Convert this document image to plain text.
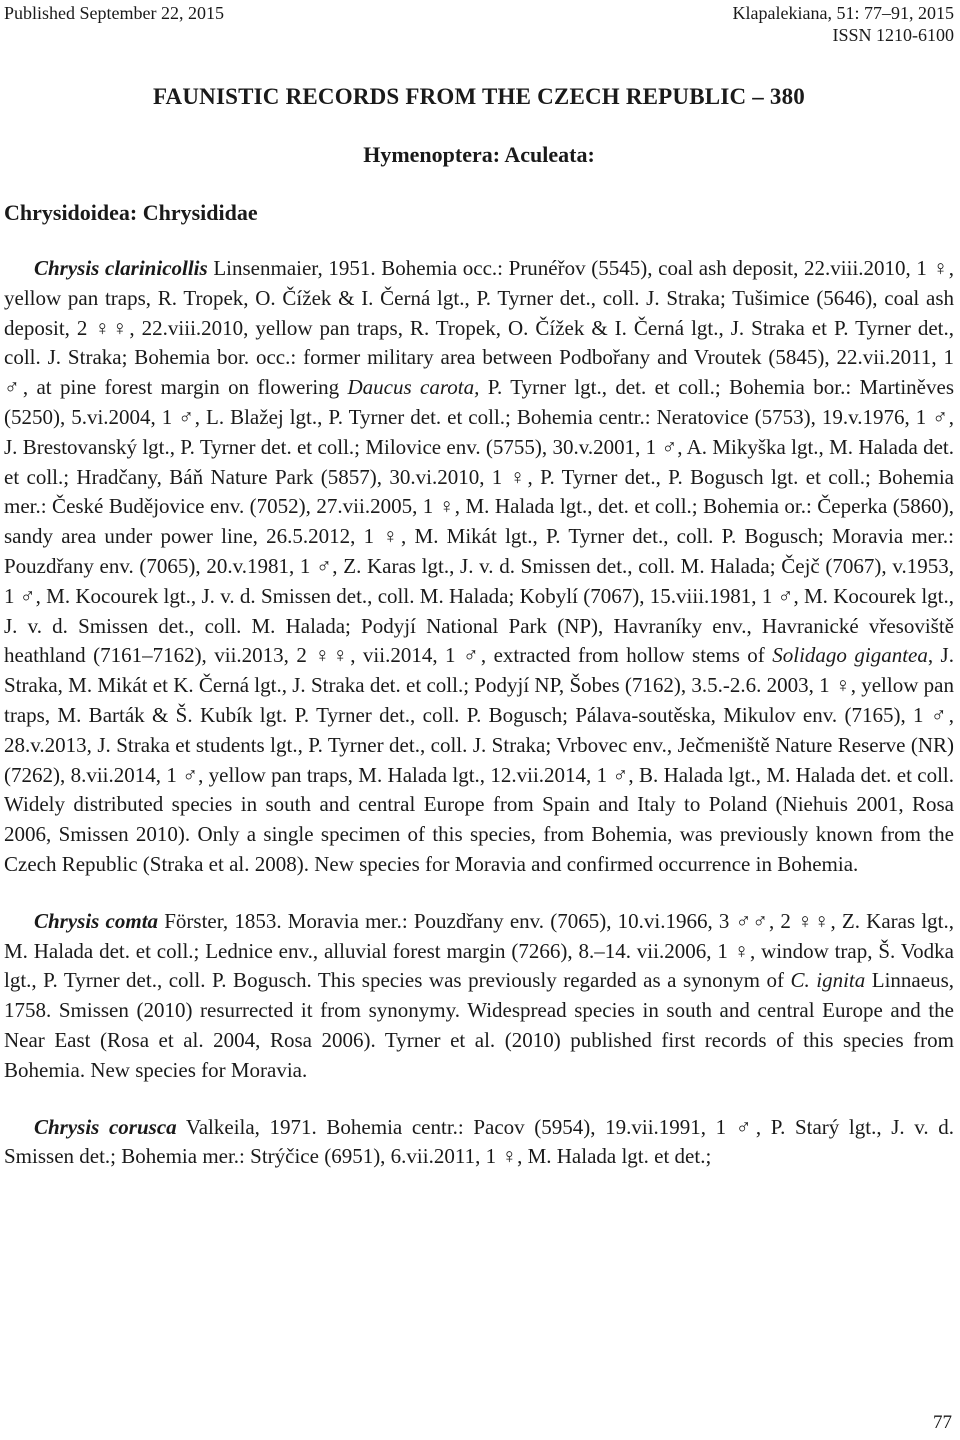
Published September 22, 2015	Klapalekiana, 51: 77–91, 2015
ISSN 1210-6100
FAUNISTIC RECORDS FROM THE CZECH REPUBLIC – 380
Hymenoptera: Aculeata:
Chrysidoidea: Chrysididae

Chrysis clarinicollis Linsenmaier, 1951. Bohemia occ.: Prunéřov (5545), coal ash deposit, 22.viii.2010, 1 ♀, yellow pan traps, R. Tropek, O. Čížek & I. Černá lgt., P. Tyrner det., coll. J. Straka; Tušimice (5646), coal ash deposit, 2 ♀♀, 22.viii.2010, yellow pan traps, R. Tropek, O. Čížek & I. Černá lgt., J. Straka et P. Tyrner det., coll. J. Straka; Bohemia bor. occ.: former military area between Podbořany and Vroutek (5845), 22.vii.2011, 1 ♂, at pine forest margin on flowering Daucus carota, P. Tyrner lgt., det. et coll.; Bohemia bor.: Martiněves (5250), 5.vi.2004, 1 ♂, L. Blažej lgt., P. Tyrner det. et coll.; Bohemia centr.: Neratovice (5753), 19.v.1976, 1 ♂, J. Brestovanský lgt., P. Tyrner det. et coll.; Milovice env. (5755), 30.v.2001, 1 ♂, A. Mikyška lgt., M. Halada det. et coll.; Hradčany, Báň Nature Park (5857), 30.vi.2010, 1 ♀, P. Tyrner det., P. Bogusch lgt. et coll.; Bohemia mer.: České Budějovice env. (7052), 27.vii.2005, 1 ♀, M. Halada lgt., det. et coll.; Bohemia or.: Čeperka (5860), sandy area under power line, 26.5.2012, 1 ♀, M. Mikát lgt., P. Tyrner det., coll. P. Bogusch; Moravia mer.: Pouzdřany env. (7065), 20.v.1981, 1 ♂, Z. Karas lgt., J. v. d. Smissen det., coll. M. Halada; Čejč (7067), v.1953, 1 ♂, M. Kocourek lgt., J. v. d. Smissen det., coll. M. Halada; Kobylí (7067), 15.viii.1981, 1 ♂, M. Kocourek lgt., J. v. d. Smissen det., coll. M. Halada; Podyjí National Park (NP), Havraníky env., Havranické vřesoviště heathland (7161–7162), vii.2013, 2 ♀♀, vii.2014, 1 ♂, extracted from hollow stems of Solidago gigantea, J. Straka, M. Mikát et K. Černá lgt., J. Straka det. et coll.; Podyjí NP, Šobes (7162), 3.5.-2.6. 2003, 1 ♀, yellow pan traps, M. Barták & Š. Kubík lgt. P. Tyrner det., coll. P. Bogusch; Pálava-soutěska, Mikulov env. (7165), 1 ♂, 28.v.2013, J. Straka et students lgt., P. Tyrner det., coll. J. Straka; Vrbovec env., Ječmeniště Nature Reserve (NR) (7262), 8.vii.2014, 1 ♂, yellow pan traps, M. Halada lgt., 12.vii.2014, 1 ♂, B. Halada lgt., M. Halada det. et coll. Widely distributed species in south and central Europe from Spain and Italy to Poland (Niehuis 2001, Rosa 2006, Smissen 2010). Only a single specimen of this species, from Bohemia, was previously known from the Czech Republic (Straka et al. 2008). New species for Moravia and confirmed occurrence in Bohemia.

Chrysis comta Förster, 1853. Moravia mer.: Pouzdřany env. (7065), 10.vi.1966, 3 ♂♂, 2 ♀♀, Z. Karas lgt., M. Halada det. et coll.; Lednice env., alluvial forest margin (7266), 8.–14. vii.2006, 1 ♀, window trap, Š. Vodka lgt., P. Tyrner det., coll. P. Bogusch. This species was previously regarded as a synonym of C. ignita Linnaeus, 1758. Smissen (2010) resurrected it from synonymy. Widespread species in south and central Europe and the Near East (Rosa et al. 2004, Rosa 2006). Tyrner et al. (2010) published first records of this species from Bohemia. New species for Moravia.

Chrysis corusca Valkeila, 1971. Bohemia centr.: Pacov (5954), 19.vii.1991, 1 ♂, P. Starý lgt., J. v. d. Smissen det.; Bohemia mer.: Strýčice (6951), 6.vii.2011, 1 ♀, M. Halada lgt. et det.;

77
